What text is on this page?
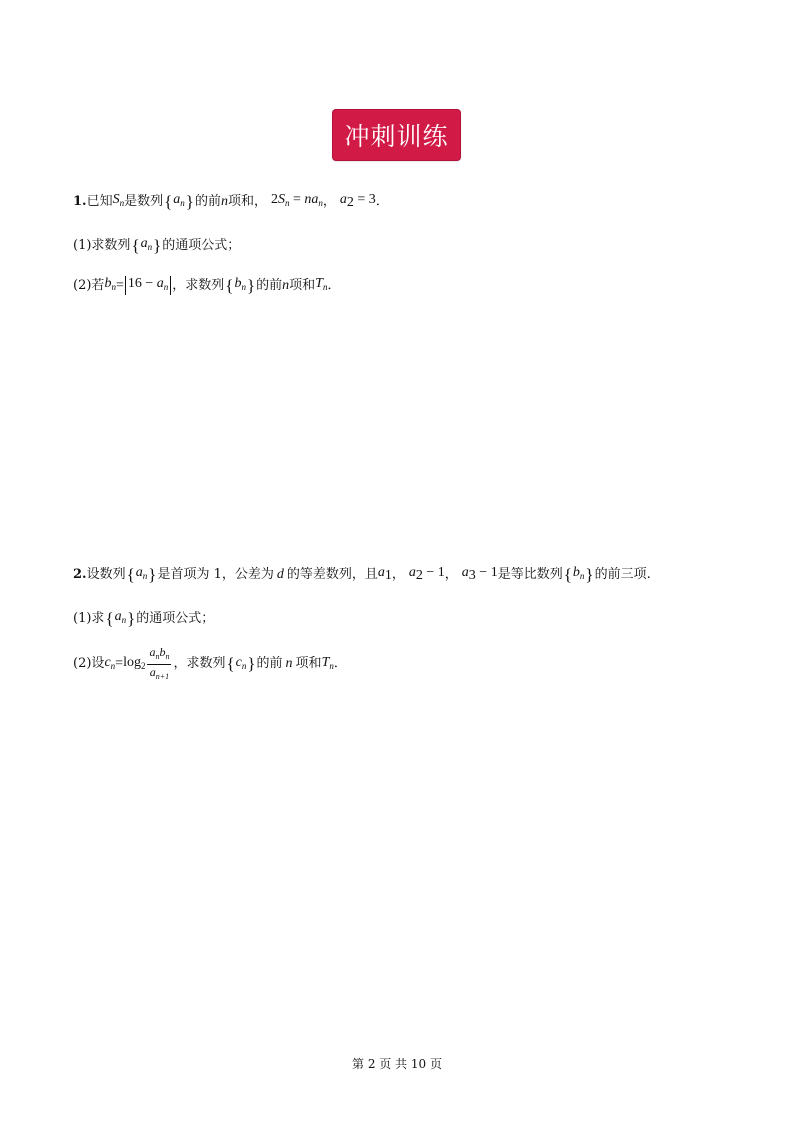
冲刺训练
1. 已知 $S_n$ 是数列 { $a_n$ } 的前 n 项和， $2S_n = na_n$ ， $a_2 = 3$ ．
(1) 求数列 { $a_n$ } 的通项公式；
(2) 若 $b_n = 16 - a_n$ ，求数列 { $b_n$ } 的前 n 项和 $T_n$ ．
2. 设数列 { $a_n$ } 是首项为 1，公差为 d 的等差数列，且 $a_1$ ， $a_2 - 1$ ， $a_3 - 1$ 是等比数列 { $b_n$ } 的前三项.
(1) 求 { $a_n$ } 的通项公式；
(2) 设 $c_n = \log_2 \frac{a_nb_n}{a_{n+1}}$ ，求数列 { $c_n$ } 的前 n 项和 $T_n$ ．
第 2 页 共 10 页
